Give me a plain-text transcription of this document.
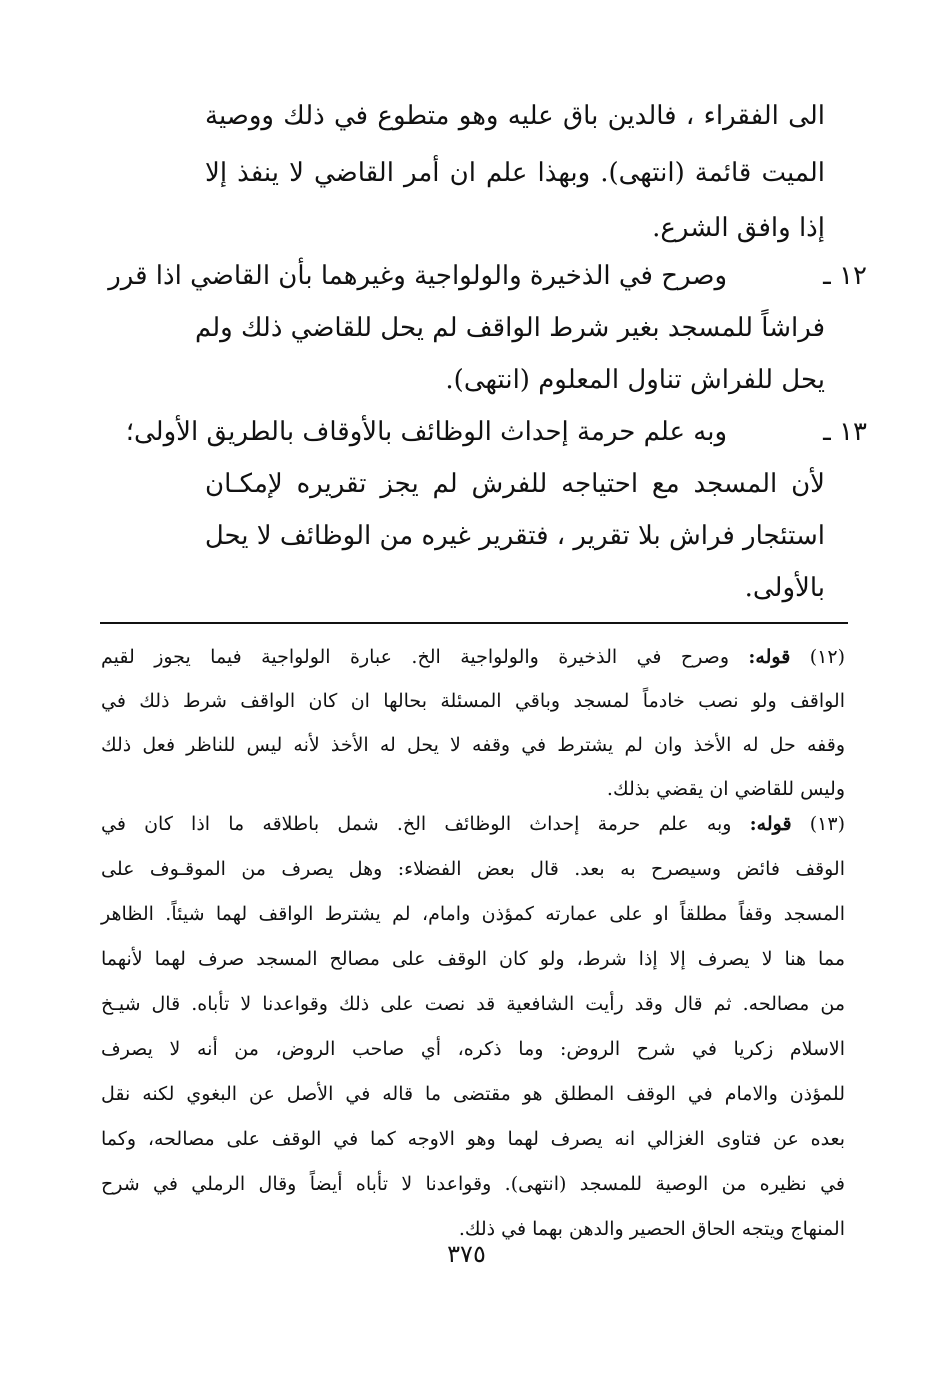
الى الفقراء ، فالدين باق عليه وهو متطوع في ذلك ووصية
الميت قائمة (انتهى). وبهذا علم ان أمر القاضي لا ينفذ إلا
إذا وافق الشرع.
١٢ ـ
وصرح في الذخيرة والولواجية وغيرهما بأن القاضي اذا قرر
فراشاً للمسجد بغير شرط الواقف لم يحل للقاضي ذلك ولم
يحل للفراش تناول المعلوم (انتهى).
١٣ ـ
وبه علم حرمة إحداث الوظائف بالأوقاف بالطريق الأولى؛
لأن المسجد مع احتياجه للفرش لم يجز تقريره لإمكـان
استئجار فراش بلا تقرير ، فتقرير غيره من الوظائف لا يحل
بالأولى.
(١٢) قوله: وصرح في الذخيرة والولواجية الخ. عبارة الولواجية فيما يجوز لقيم
الواقف ولو نصب خادماً لمسجد وباقي المسئلة بحالها ان كان الواقف شرط ذلك في
وقفه حل له الأخذ وان لم يشترط في وقفه لا يحل له الأخذ لأنه ليس للناظر فعل ذلك
وليس للقاضي ان يقضي بذلك.
(١٣) قوله: وبه علم حرمة إحداث الوظائف الخ. شمل باطلاقه ما اذا كان في
الوقف فائض وسيصرح به بعد. قال بعض الفضلاء: وهل يصرف من الموقـوف على
المسجد وقفاً مطلقاً او على عمارته كمؤذن وامام، لم يشترط الواقف لهما شيئاً. الظاهر
مما هنا لا يصرف إلا إذا شرط، ولو كان الوقف على مصالح المسجد صرف لهما لأنهما
من مصالحه. ثم قال وقد رأيت الشافعية قد نصت على ذلك وقواعدنا لا تأباه. قال شيـخ
الاسلام زكريا في شرح الروض: وما ذكره، أي صاحب الروض، من أنه لا يصرف
للمؤذن والامام في الوقف المطلق هو مقتضى ما قاله في الأصل عن البغوي لكنه نقل
بعده عن فتاوى الغزالي انه يصرف لهما وهو الاوجه كما في الوقف على مصالحه، وكما
في نظيره من الوصية للمسجد (انتهى). وقواعدنا لا تأباه أيضاً وقال الرملي في شرح
المنهاج ويتجه الحاق الحصير والدهن بهما في ذلك.
٣٧٥
